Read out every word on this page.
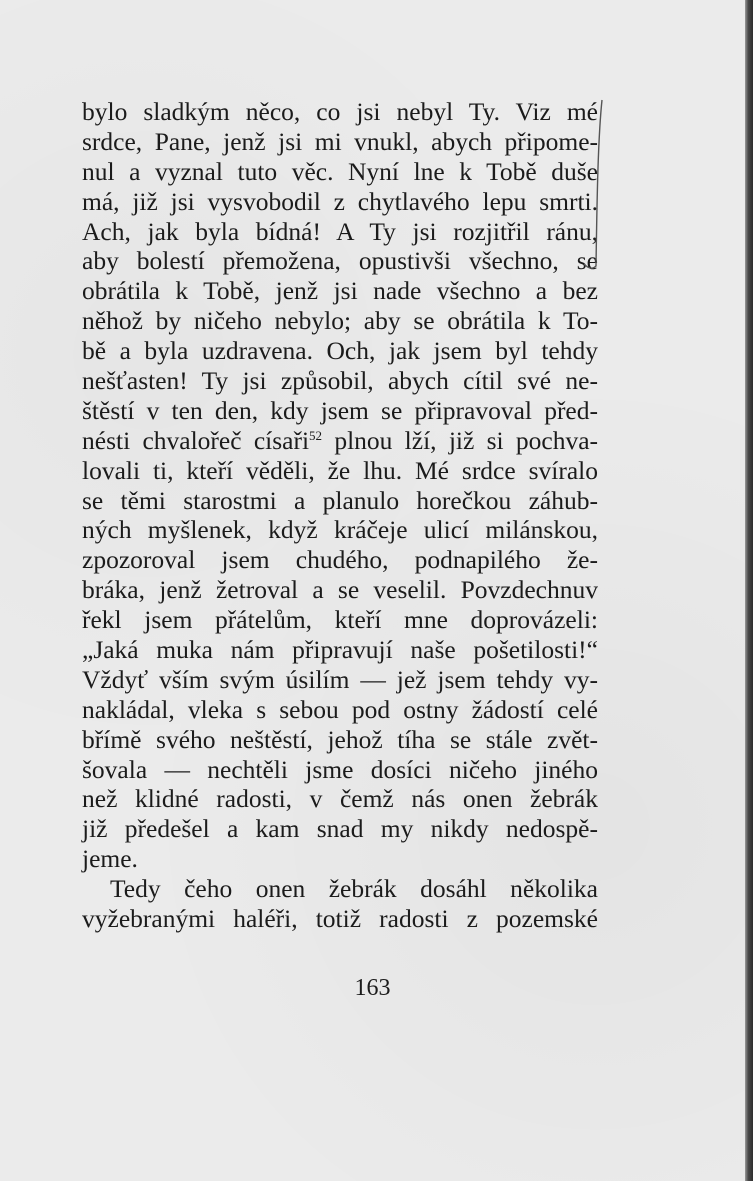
bylo sladkým něco, co jsi nebyl Ty. Viz mé
srdce, Pane, jenž jsi mi vnukl, abych připome-
nul a vyznal tuto věc. Nyní lne k Tobě duše
má, již jsi vysvobodil z chytlavého lepu smrti.
Ach, jak byla bídná! A Ty jsi rozjitřil ránu,
aby bolestí přemožena, opustivši všechno, se
obrátila k Tobě, jenž jsi nade všechno a bez
něhož by ničeho nebylo; aby se obrátila k To-
bě a byla uzdravena. Och, jak jsem byl tehdy
nešťasten! Ty jsi způsobil, abych cítil své ne-
štěstí v ten den, kdy jsem se připravoval před-
nésti chvalořeč císaři$^{52}$ plnou lží, již si pochva-
lovali ti, kteří věděli, že lhu. Mé srdce svíralo
se těmi starostmi a planulo horečkou záhub-
ných myšlenek, když kráčeje ulicí milánskou,
zpozoroval jsem chudého, podnapilého že-
bráka, jenž žetroval a se veselil. Povzdechnuv
řekl jsem přátelům, kteří mne doprovázeli:
„Jaká muka nám připravují naše pošetilosti!“
Vždyť vším svým úsilím — jež jsem tehdy vy-
nakládal, vleka s sebou pod ostny žádostí celé
břímě svého neštěstí, jehož tíha se stále zvět-
šovala — nechtěli jsme dosíci ničeho jiného
než klidné radosti, v čemž nás onen žebrák
již předešel a kam snad my nikdy nedospě-
jeme.
Tedy čeho onen žebrák dosáhl několika
vyžebranými haléři, totiž radosti z pozemské
163
